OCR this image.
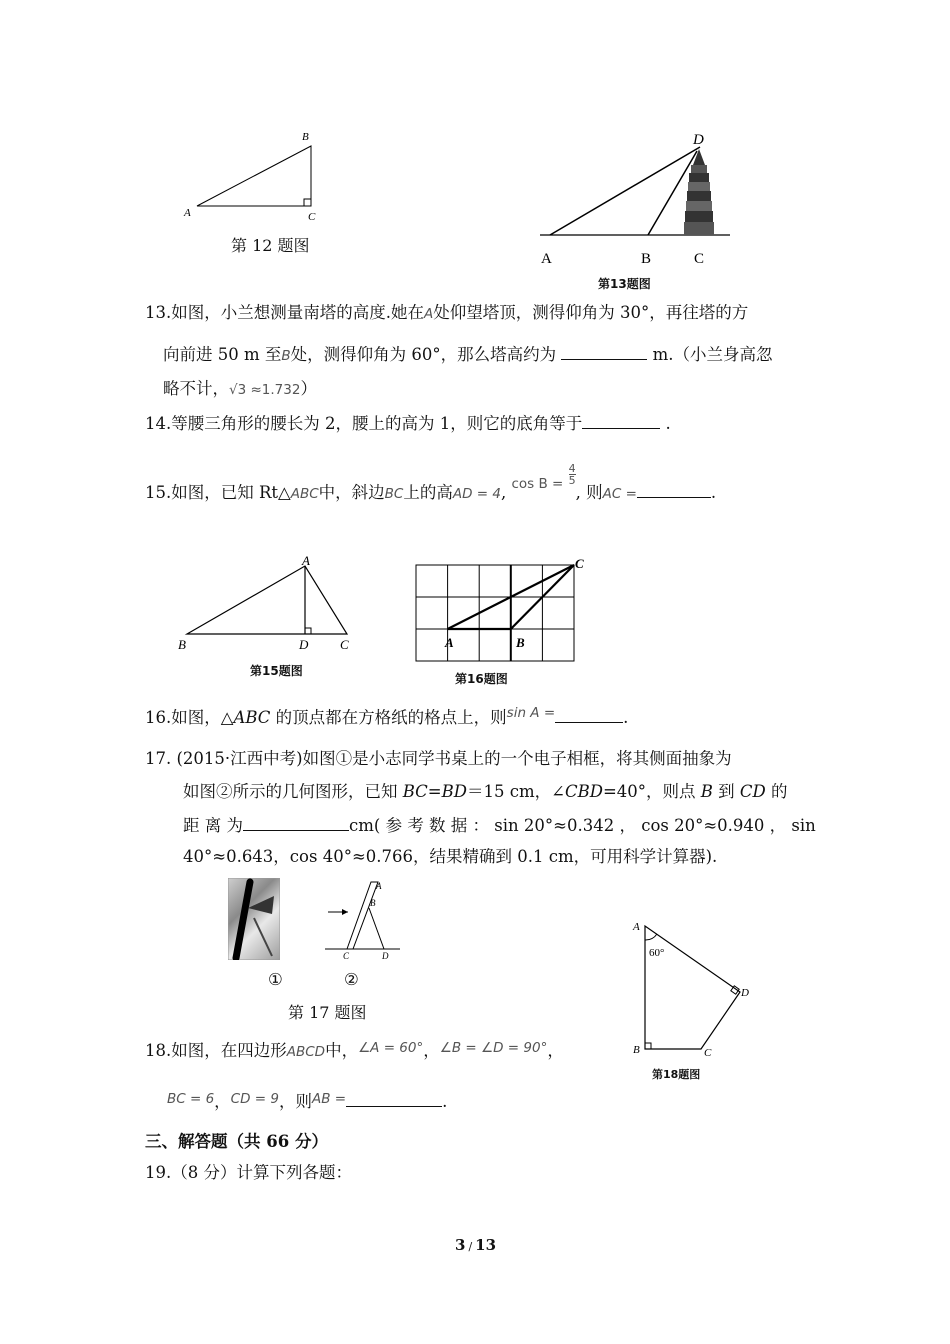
A
B
C
第 12 题图
D
A	B	C
第13题图
13.如图，小兰想测量南塔的高度.她在A处仰望塔顶，测得仰角为 30°，再往塔的方
向前进 50 m 至B处，测得仰角为 60°，那么塔高约为	m.（小兰身高忽
略不计，√3 ≈1.732）
14.等腰三角形的腰长为 2，腰上的高为 1，则它的底角等于	.
15.如图，已知 Rt△ABC中，斜边BC上的高AD = 4, $^{cos B =} \frac{4}{5}$
, 则AC =	.
A
B	D C
第15题图
A	B
C
第16题图
16.如图，△ABC 的顶点都在方格纸的格点上，则$^{sin A =}$	.
17. (2015·江西中考)如图①是小志同学书桌上的一个电子相框，将其侧面抽象为
如图②所示的几何图形，已知 BC=BD＝15 cm，∠CBD=40°，则点 B 到 CD 的
距 离 为	cm( 参 考 数 据 ： sin 20°≈0.342 ， cos 20°≈0.940 ， sin
40°≈0.643，cos 40°≈0.766，结果精确到 0.1 cm，可用科学计算器).
A
B
C	D
①	②
第 17 题图
60°
A
B	C
D
第18题图
18.如图，在四边形ABCD中，$^{\angle A = 60^\circ}$，$^{\angle B = \angle D = 90^\circ}$，
$^{BC = 6}$，$^{CD = 9}$，则$^{AB =}$	.
三、解答题（共 66 分）
19.（8 分）计算下列各题：
3 / 13
